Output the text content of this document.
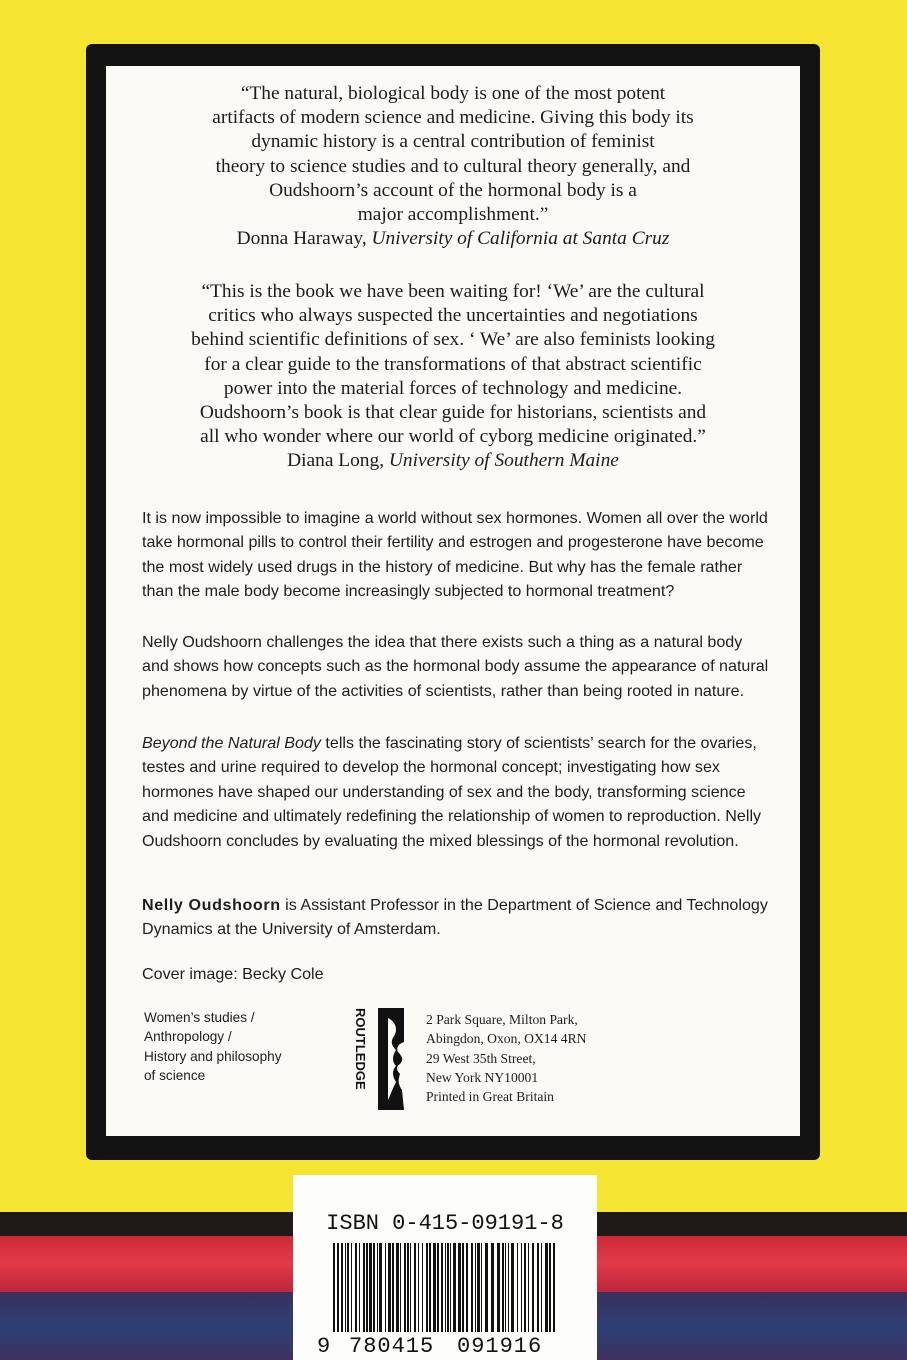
“The natural, biological body is one of the most potent

artifacts of modern science and medicine. Giving this body its

dynamic history is a central contribution of feminist

theory to science studies and to cultural theory generally, and

Oudshoorn’s account of the hormonal body is a

major accomplishment.”

Donna Haraway, University of California at Santa Cruz

“This is the book we have been waiting for! ‘We’ are the cultural

critics who always suspected the uncertainties and negotiations

behind scientific definitions of sex. ‘ We’ are also feminists looking

for a clear guide to the transformations of that abstract scientific

power into the material forces of technology and medicine.

Oudshoorn’s book is that clear guide for historians, scientists and

all who wonder where our world of cyborg medicine originated.”

Diana Long, University of Southern Maine

It is now impossible to imagine a world without sex hormones. Women all over the world take hormonal pills to control their fertility and estrogen and progesterone have become the most widely used drugs in the history of medicine. But why has the female rather than the male body become increasingly subjected to hormonal treatment?

Nelly Oudshoorn challenges the idea that there exists such a thing as a natural body and shows how concepts such as the hormonal body assume the appearance of natural phenomena by virtue of the activities of scientists, rather than being rooted in nature.

Beyond the Natural Body tells the fascinating story of scientists’ search for the ovaries, testes and urine required to develop the hormonal concept; investigating how sex hormones have shaped our understanding of sex and the body, transforming science and medicine and ultimately redefining the relationship of women to reproduction. Nelly Oudshoorn concludes by evaluating the mixed blessings of the hormonal revolution.

Nelly Oudshoorn is Assistant Professor in the Department of Science and Technology Dynamics at the University of Amsterdam.

Cover image: Becky Cole

Women’s studies /
Anthropology /
History and philosophy
of science	ROUTLEDGE	2 Park Square, Milton Park,
Abingdon, Oxon, OX14 4RN
29 West 35th Street,
New York NY10001
Printed in Great Britain
ISBN 0-415-09191-8
9 780415 091916
